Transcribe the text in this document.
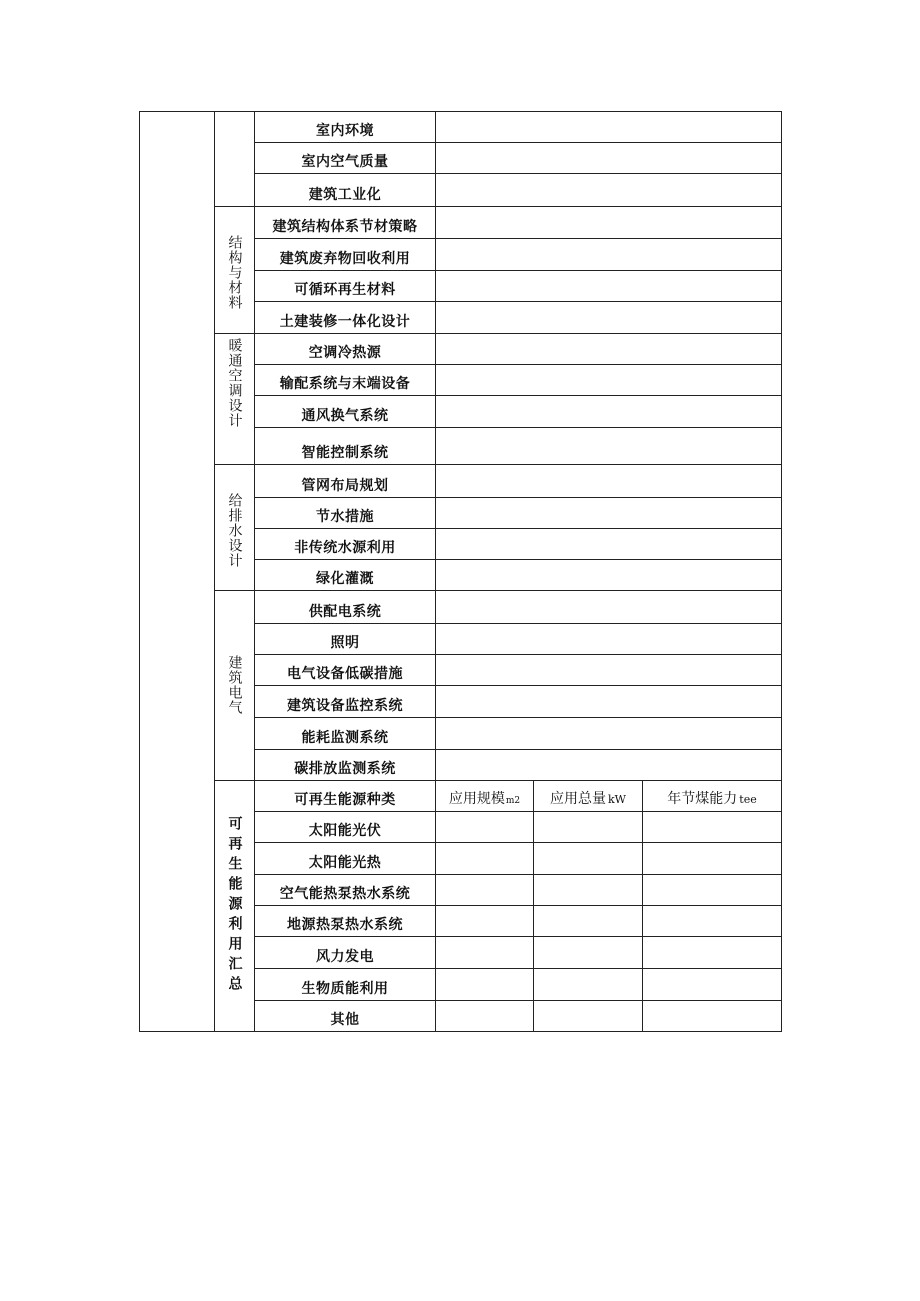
		室内环境			
		室内空气质量			
		建筑工业化			

	结构与材料	建筑结构体系节材策略			
		建筑废弃物回收利用			
		可循环再生材料			
		土建装修一体化设计			

	暖通空调设计	空调冷热源			
		输配系统与末端设备			
		通风换气系统			
		智能控制系统			

	给排水设计	管网布局规划			
		节水措施			
		非传统水源利用			
		绿化灌溉			

	建筑电气	供配电系统			
		照明			
		电气设备低碳措施			
		建筑设备监控系统			
		能耗监测系统			
		碳排放监测系统			

	可再生能源利用汇总	可再生能源种类	应用规模m2	应用总量 kW	年节煤能力 tee
		太阳能光伏			
		太阳能光热			
		空气能热泵热水系统			
		地源热泵热水系统			
		风力发电			
		生物质能利用			
		其他			
